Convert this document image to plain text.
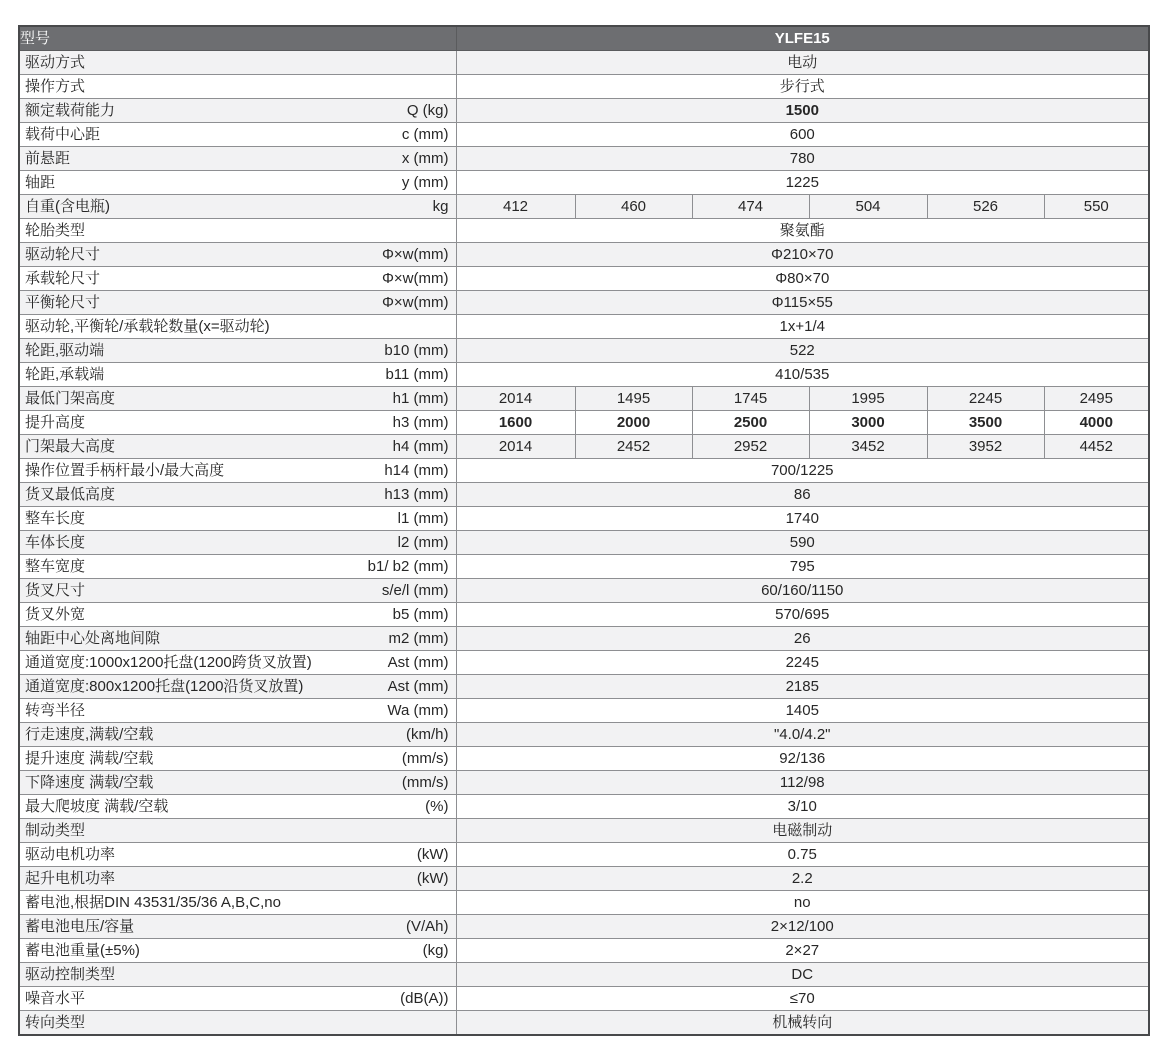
型号	YLFE15					

驱动方式	电动					

操作方式	步行式					

额定载荷能力 Q (kg)	1500					

载荷中心距 c (mm)	600					

前悬距 x (mm)	780					

轴距 y (mm)	1225					

自重(含电瓶) kg	412	460	474	504	526	550

轮胎类型	聚氨酯					

驱动轮尺寸 Φ×w(mm)	Φ210×70					

承载轮尺寸 Φ×w(mm)	Φ80×70					

平衡轮尺寸 Φ×w(mm)	Φ115×55					

驱动轮,平衡轮/承载轮数量(x=驱动轮)	1x+1/4					

轮距,驱动端 b10 (mm)	522					

轮距,承载端 b11 (mm)	410/535					

最低门架高度 h1 (mm)	2014	1495	1745	1995	2245	2495

提升高度 h3 (mm)	1600	2000	2500	3000	3500	4000

门架最大高度 h4 (mm)	2014	2452	2952	3452	3952	4452

操作位置手柄杆最小/最大高度 h14 (mm)	700/1225					

货叉最低高度 h13 (mm)	86					

整车长度 l1 (mm)	1740					

车体长度 l2 (mm)	590					

整车宽度 b1/ b2 (mm)	795					

货叉尺寸 s/e/l (mm)	60/160/1150					

货叉外宽 b5 (mm)	570/695					

轴距中心处离地间隙 m2 (mm)	26					

通道宽度:1000x1200托盘(1200跨货叉放置) Ast (mm)	2245					

通道宽度:800x1200托盘(1200沿货叉放置) Ast (mm)	2185					

转弯半径 Wa (mm)	1405					

行走速度,满载/空载 (km/h)	"4.0/4.2"					

提升速度 满载/空载 (mm/s)	92/136					

下降速度 满载/空载 (mm/s)	112/98					

最大爬坡度 满载/空载 (%)	3/10					

制动类型	电磁制动					

驱动电机功率 (kW)	0.75					

起升电机功率 (kW)	2.2					

蓄电池,根据DIN 43531/35/36 A,B,C,no	no					

蓄电池电压/容量 (V/Ah)	2×12/100					

蓄电池重量(±5%) (kg)	2×27					

驱动控制类型	DC					

噪音水平 (dB(A))	≤70					

转向类型	机械转向					
